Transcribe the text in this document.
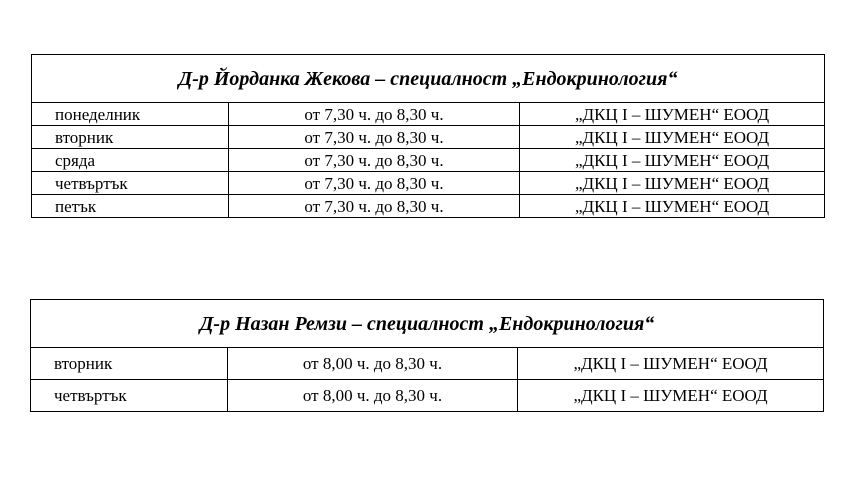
Д-р Йорданка Жекова – специалност „Ендокринология“		
понеделник	от 7,30 ч. до 8,30 ч.	„ДКЦ І – ШУМЕН“ ЕООД
вторник	от 7,30 ч. до 8,30 ч.	„ДКЦ І – ШУМЕН“ ЕООД
сряда	от 7,30 ч. до 8,30 ч.	„ДКЦ І – ШУМЕН“ ЕООД
четвъртък	от 7,30 ч. до 8,30 ч.	„ДКЦ І – ШУМЕН“ ЕООД
петък	от 7,30 ч. до 8,30 ч.	„ДКЦ І – ШУМЕН“ ЕООД
Д-р Назан Ремзи – специалност „Ендокринология“		
вторник	от 8,00 ч. до 8,30 ч.	„ДКЦ І – ШУМЕН“ ЕООД
четвъртък	от 8,00 ч. до 8,30 ч.	„ДКЦ І – ШУМЕН“ ЕООД
